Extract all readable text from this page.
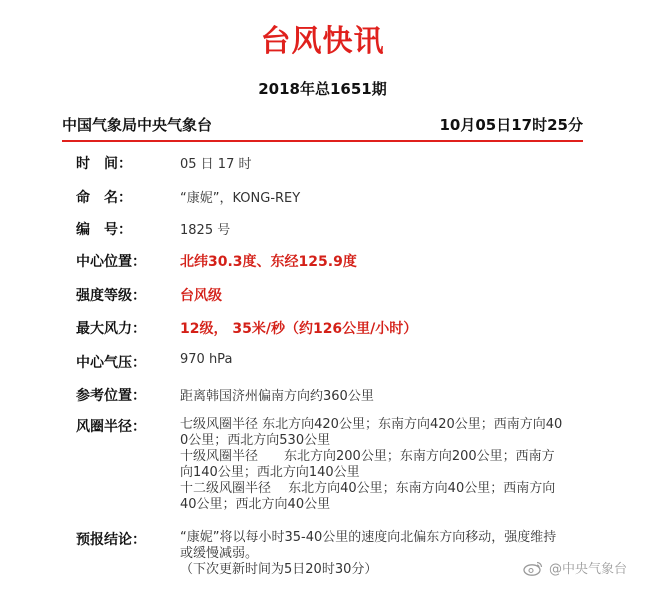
台风快讯
2018年总1651期
中国气象局中央气象台	10月05日17时25分
时　间：	05 日 17 时
命　名：	“康妮”，KONG-REY
编　号：	1825 号
中心位置：	北纬30.3度、东经125.9度
强度等级：	台风级
最大风力：	12级， 35米/秒（约126公里/小时）
中心气压：	970 hPa
参考位置：	距离韩国济州偏南方向约360公里
风圈半径：	七级风圈半径 东北方向420公里；东南方向420公里；西南方向40
0公里；西北方向530公里
十级风圈半径　　东北方向200公里；东南方向200公里；西南方
向140公里；西北方向140公里
十二级风圈半径　 东北方向40公里；东南方向40公里；西南方向
40公里；西北方向40公里
预报结论：	“康妮”将以每小时35-40公里的速度向北偏东方向移动，强度维持
或缓慢减弱。
（下次更新时间为5日20时30分）	@中央气象台
